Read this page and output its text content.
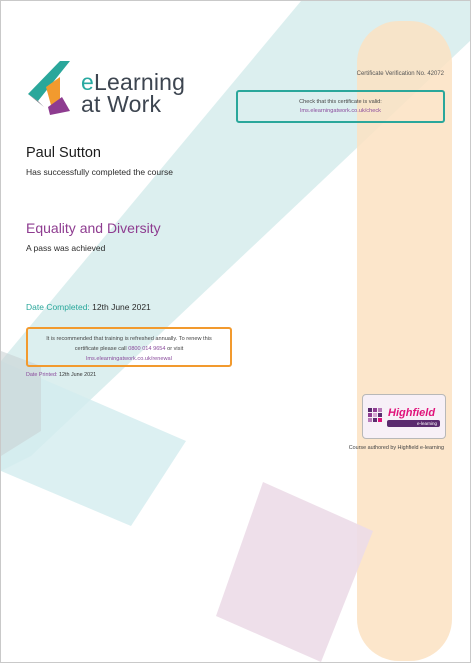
eLearning
at Work
Certificate Verification No. 42072
Check that this certificate is valid:
lms.elearningatwork.co.uk/check
Paul Sutton
Has successfully completed the course
Equality and Diversity
A pass was achieved
Date Completed: 12th June 2021
It is recommended that training is refreshed annually. To renew this
certificate please call 0800 014 9654 or visit
lms.elearningatwork.co.uk/renewal
Date Printed: 12th June 2021
Highfield
e-learning
Course authored by Highfield e-learning
